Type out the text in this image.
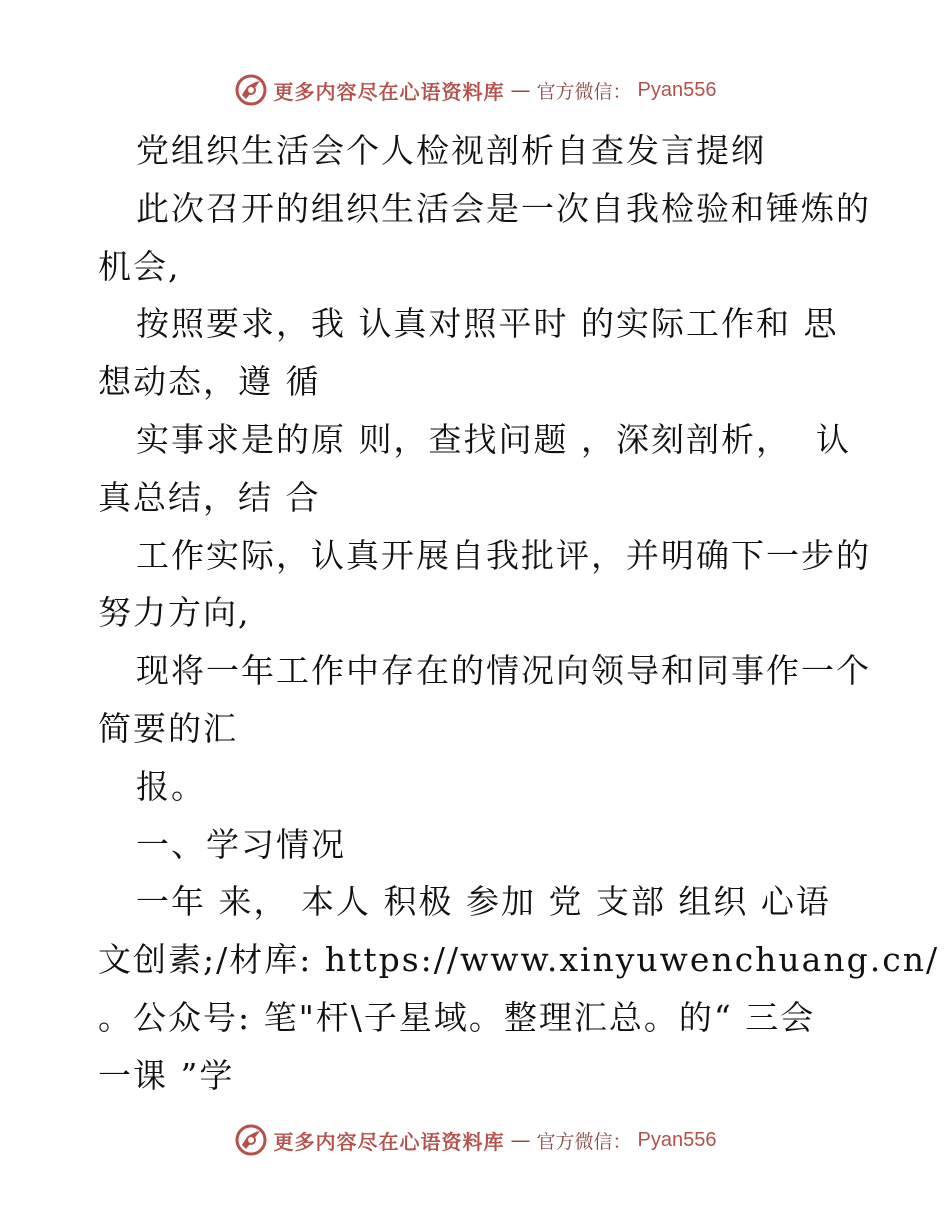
更多内容尽在心语资料库 — 官方微信： Pyan556
党组织生活会个人检视剖析自查发言提纲
此次召开的组织生活会是一次自我检验和锤炼的
机会,
按照要求，我 认真对照平时 的实际工作和 思
想动态，遵 循
实事求是的原 则，查找问题 ，深刻剖析，  认
真总结，结 合
工作实际，认真开展自我批评，并明确下一步的
努力方向,
现将一年工作中存在的情况向领导和同事作一个
简要的汇
报。
一、学习情况
一年 来， 本人 积极 参加 党 支部 组织 心语
文创素;/材库: https://www.xinyuwenchuang.cn/
。公众号: 笔"杆\子星域。整理汇总。的“ 三会
一课 ”学
更多内容尽在心语资料库 — 官方微信： Pyan556
